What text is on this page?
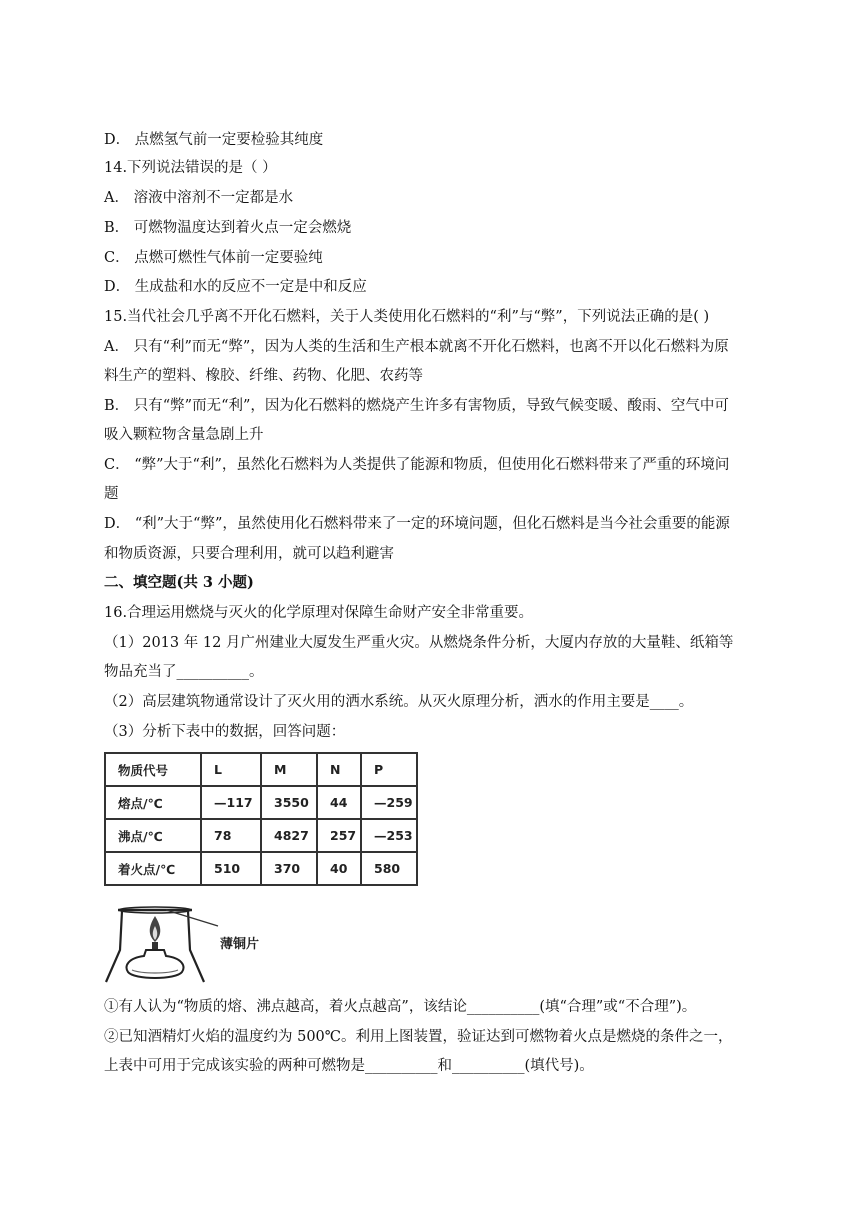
D． 点燃氢气前一定要检验其纯度
14.下列说法错误的是（ ）
A． 溶液中溶剂不一定都是水
B． 可燃物温度达到着火点一定会燃烧
C． 点燃可燃性气体前一定要验纯
D． 生成盐和水的反应不一定是中和反应
15.当代社会几乎离不开化石燃料，关于人类使用化石燃料的“利”与“弊”，下列说法正确的是( )
A． 只有“利”而无“弊”，因为人类的生活和生产根本就离不开化石燃料，也离不开以化石燃料为原
料生产的塑料、橡胶、纤维、药物、化肥、农药等
B． 只有“弊”而无“利”，因为化石燃料的燃烧产生许多有害物质，导致气候变暖、酸雨、空气中可
吸入颗粒物含量急剧上升
C． “弊”大于“利”，虽然化石燃料为人类提供了能源和物质，但使用化石燃料带来了严重的环境问
题
D． “利”大于“弊”，虽然使用化石燃料带来了一定的环境问题，但化石燃料是当今社会重要的能源
和物质资源，只要合理利用，就可以趋利避害
二、填空题(共 3 小题)
16.合理运用燃烧与灭火的化学原理对保障生命财产安全非常重要。
（1）2013 年 12 月广州建业大厦发生严重火灾。从燃烧条件分析，大厦内存放的大量鞋、纸箱等
物品充当了__________。
（2）高层建筑物通常设计了灭火用的洒水系统。从灭火原理分析，洒水的作用主要是____。
（3）分析下表中的数据，回答问题：
物质代号	L	M	N	P
熔点/℃	—117	3550	44	—259
沸点/℃	78	4827	257	—253
着火点/℃	510	370	40	580
薄铜片
①有人认为“物质的熔、沸点越高，着火点越高”，该结论__________(填“合理”或“不合理”)。
②已知酒精灯火焰的温度约为 500℃。利用上图装置，验证达到可燃物着火点是燃烧的条件之一，
上表中可用于完成该实验的两种可燃物是__________和__________(填代号)。
